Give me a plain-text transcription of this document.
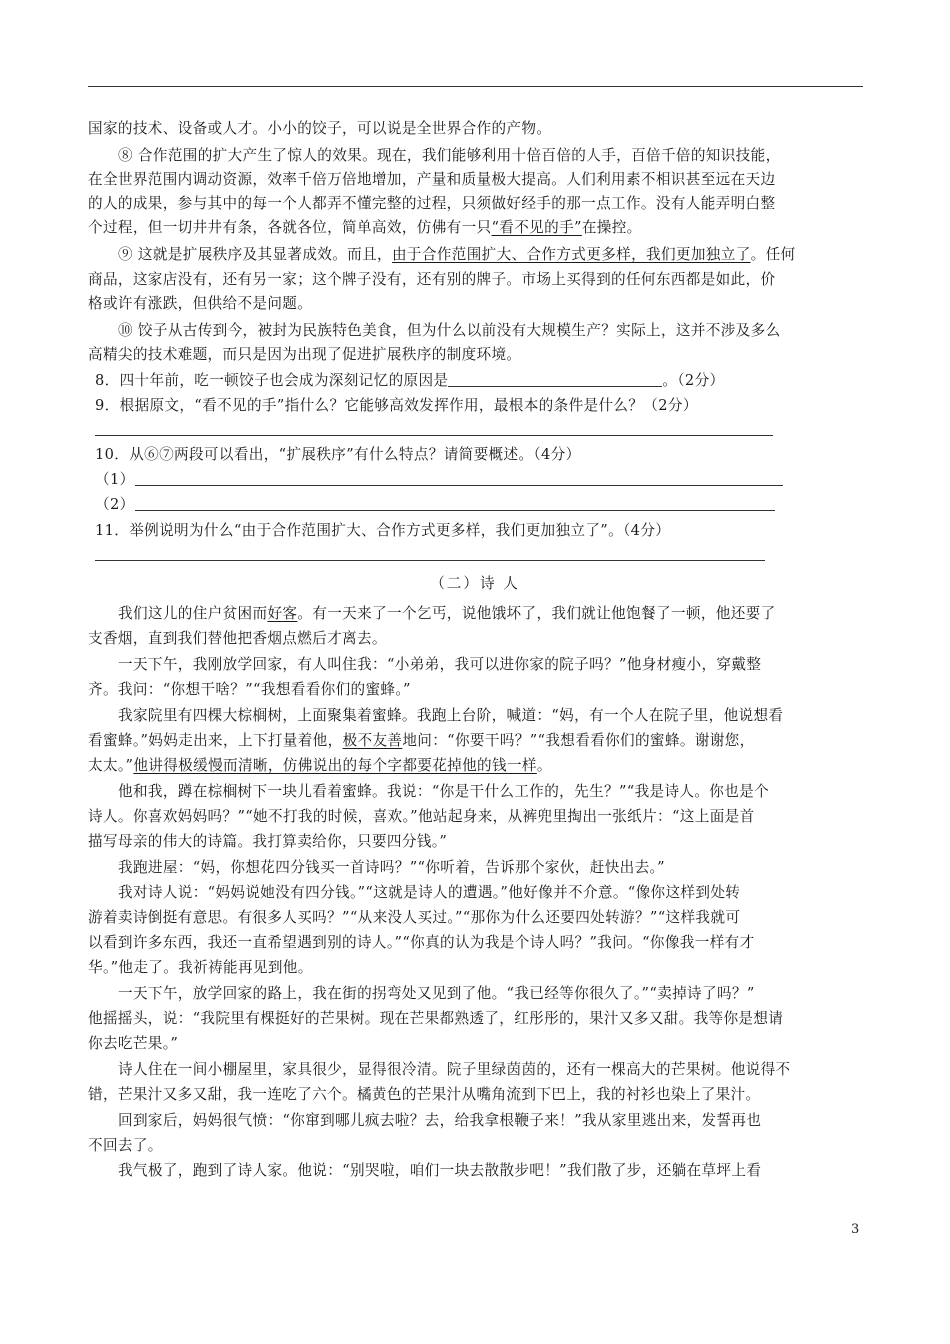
国家的技术、设备或人才。小小的饺子，可以说是全世界合作的产物。
⑧ 合作范围的扩大产生了惊人的效果。现在，我们能够利用十倍百倍的人手，百倍千倍的知识技能，
在全世界范围内调动资源，效率千倍万倍地增加，产量和质量极大提高。人们利用素不相识甚至远在天边
的人的成果，参与其中的每一个人都弄不懂完整的过程，只须做好经手的那一点工作。没有人能弄明白整
个过程，但一切井井有条，各就各位，简单高效，仿佛有一只“看不见的手”在操控。
⑨ 这就是扩展秩序及其显著成效。而且，由于合作范围扩大、合作方式更多样，我们更加独立了。任何
商品，这家店没有，还有另一家；这个牌子没有，还有别的牌子。市场上买得到的任何东西都是如此，价
格或许有涨跌，但供给不是问题。
⑩ 饺子从古传到今，被封为民族特色美食，但为什么以前没有大规模生产？实际上，这并不涉及多么
高精尖的技术难题，而只是因为出现了促进扩展秩序的制度环境。
8．四十年前，吃一顿饺子也会成为深刻记忆的原因是	。（2分）
9．根据原文，“看不见的手”指什么？它能够高效发挥作用，最根本的条件是什么？（2分）
10．从⑥⑦两段可以看出，“扩展秩序”有什么特点？请简要概述。（4分）
（1）
（2）
11．举例说明为什么“由于合作范围扩大、合作方式更多样，我们更加独立了”。（4分）
（二）诗 人
我们这儿的住户贫困而好客。有一天来了一个乞丐，说他饿坏了，我们就让他饱餐了一顿，他还要了
支香烟，直到我们替他把香烟点燃后才离去。
一天下午，我刚放学回家，有人叫住我：“小弟弟，我可以进你家的院子吗？”他身材瘦小，穿戴整
齐。我问：“你想干啥？”“我想看看你们的蜜蜂。”
我家院里有四棵大棕榈树，上面聚集着蜜蜂。我跑上台阶，喊道：“妈，有一个人在院子里，他说想看
看蜜蜂。”妈妈走出来，上下打量着他，极不友善地问：“你要干吗？”“我想看看你们的蜜蜂。谢谢您，
太太。”他讲得极缓慢而清晰，仿佛说出的每个字都要花掉他的钱一样。
他和我，蹲在棕榈树下一块儿看着蜜蜂。我说：“你是干什么工作的，先生？”“我是诗人。你也是个
诗人。你喜欢妈妈吗？”“她不打我的时候，喜欢。”他站起身来，从裤兜里掏出一张纸片：“这上面是首
描写母亲的伟大的诗篇。我打算卖给你，只要四分钱。”
我跑进屋：“妈，你想花四分钱买一首诗吗？”“你听着，告诉那个家伙，赶快出去。”
我对诗人说：“妈妈说她没有四分钱。”“这就是诗人的遭遇。”他好像并不介意。“像你这样到处转
游着卖诗倒挺有意思。有很多人买吗？”“从来没人买过。”“那你为什么还要四处转游？”“这样我就可
以看到许多东西，我还一直希望遇到别的诗人。”“你真的认为我是个诗人吗？”我问。“你像我一样有才
华。”他走了。我祈祷能再见到他。
一天下午，放学回家的路上，我在街的拐弯处又见到了他。“我已经等你很久了。”“卖掉诗了吗？”
他摇摇头，说：“我院里有棵挺好的芒果树。现在芒果都熟透了，红彤彤的，果汁又多又甜。我等你是想请
你去吃芒果。”
诗人住在一间小棚屋里，家具很少，显得很冷清。院子里绿茵茵的，还有一棵高大的芒果树。他说得不
错，芒果汁又多又甜，我一连吃了六个。橘黄色的芒果汁从嘴角流到下巴上，我的衬衫也染上了果汁。
回到家后，妈妈很气愤：“你窜到哪儿疯去啦？去，给我拿根鞭子来！”我从家里逃出来，发誓再也
不回去了。
我气极了，跑到了诗人家。他说：“别哭啦，咱们一块去散散步吧！”我们散了步，还躺在草坪上看
3
